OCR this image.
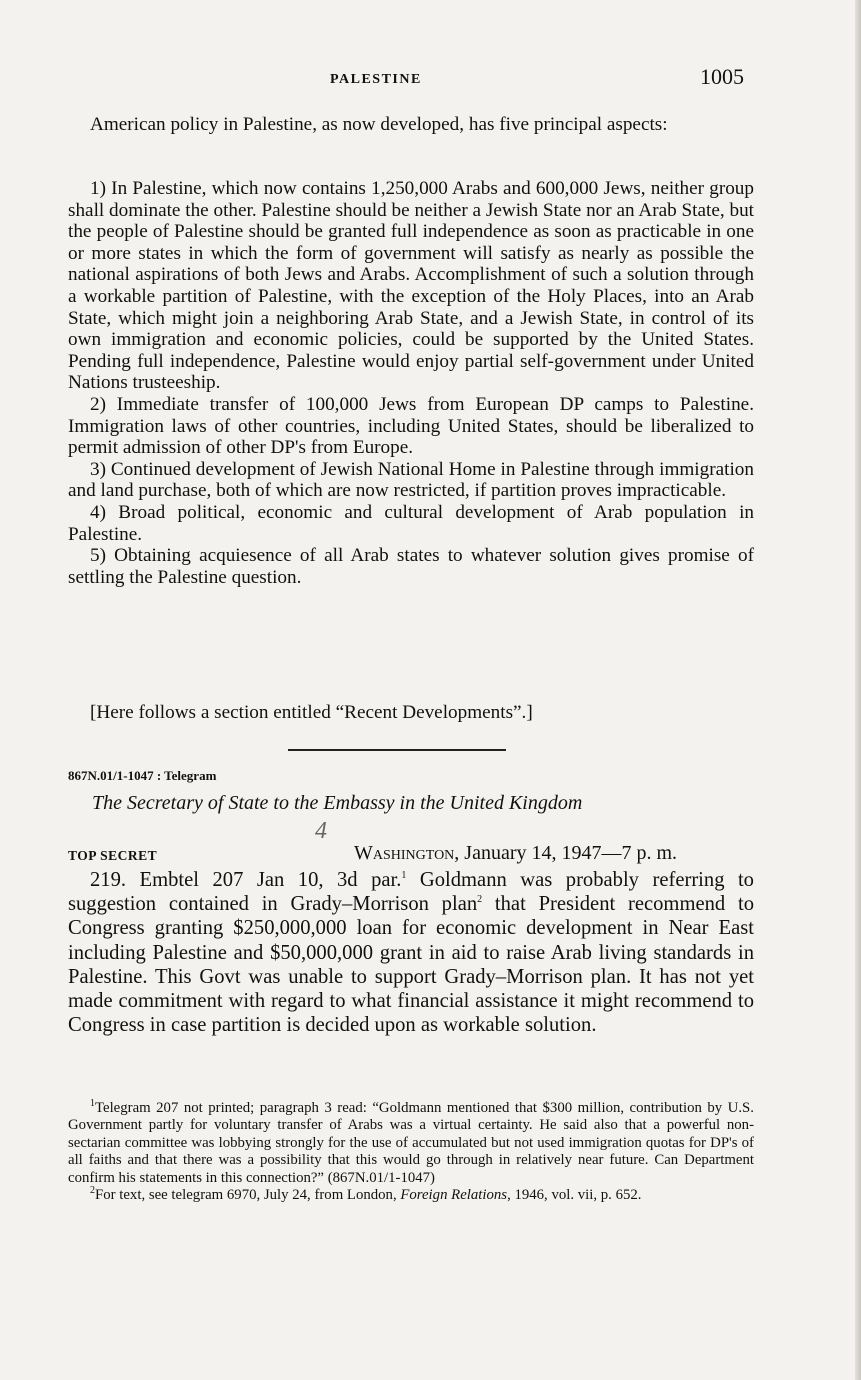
PALESTINE	1005
American policy in Palestine, as now developed, has five principal aspects:

1) In Palestine, which now contains 1,250,000 Arabs and 600,000 Jews, neither group shall dominate the other. Palestine should be neither a Jewish State nor an Arab State, but the people of Palestine should be granted full independence as soon as practicable in one or more states in which the form of government will satisfy as nearly as possible the national aspirations of both Jews and Arabs. Accomplishment of such a solution through a workable partition of Palestine, with the exception of the Holy Places, into an Arab State, which might join a neighboring Arab State, and a Jewish State, in control of its own immigration and economic policies, could be supported by the United States. Pending full independence, Palestine would enjoy partial self-government under United Nations trusteeship.

2) Immediate transfer of 100,000 Jews from European DP camps to Palestine. Immigration laws of other countries, including United States, should be liberalized to permit admission of other DP's from Europe.

3) Continued development of Jewish National Home in Palestine through immigration and land purchase, both of which are now restricted, if partition proves impracticable.

4) Broad political, economic and cultural development of Arab population in Palestine.

5) Obtaining acquiesence of all Arab states to whatever solution gives promise of settling the Palestine question.

[Here follows a section entitled “Recent Developments”.]
867N.01/1-1047 : Telegram
The Secretary of State to the Embassy in the United Kingdom
4
TOP SECRET	Washington, January 14, 1947—7 p. m.
219. Embtel 207 Jan 10, 3d par.$^1$ Goldmann was probably referring to suggestion contained in Grady–Morrison plan$^2$ that President recommend to Congress granting $250,000,000 loan for economic development in Near East including Palestine and $50,000,000 grant in aid to raise Arab living standards in Palestine. This Govt was unable to support Grady–Morrison plan. It has not yet made commitment with regard to what financial assistance it might recommend to Congress in case partition is decided upon as workable solution.

$^1$Telegram 207 not printed; paragraph 3 read: “Goldmann mentioned that $300 million, contribution by U.S. Government partly for voluntary transfer of Arabs was a virtual certainty. He said also that a powerful non-sectarian committee was lobbying strongly for the use of accumulated but not used immigration quotas for DP's of all faiths and that there was a possibility that this would go through in relatively near future. Can Department confirm his statements in this connection?” (867N.01/1-1047)

$^2$For text, see telegram 6970, July 24, from London, Foreign Relations, 1946, vol. vii, p. 652.
